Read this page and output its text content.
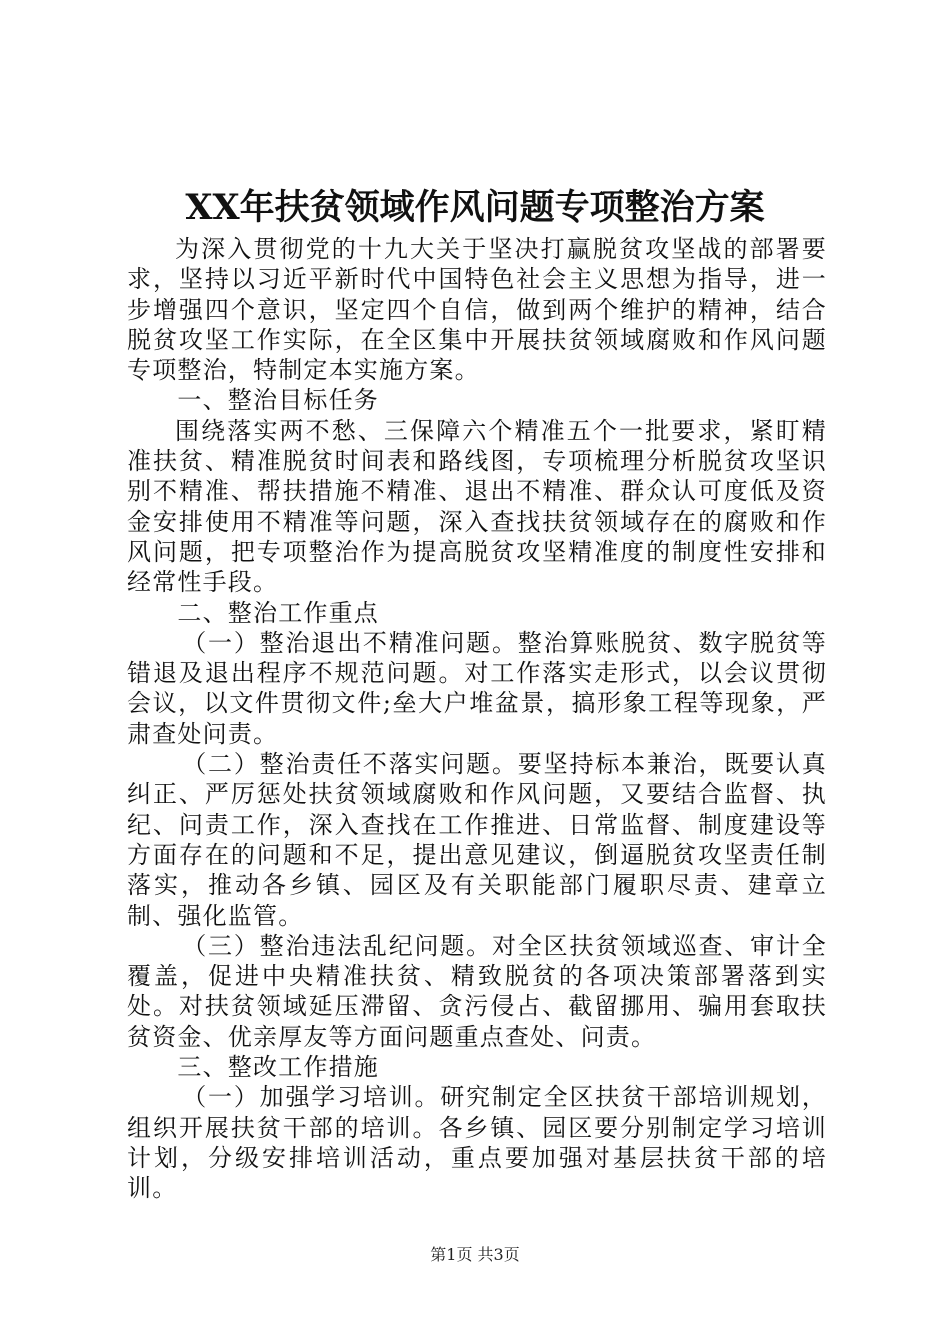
XX年扶贫领域作风问题专项整治方案

为深入贯彻党的十九大关于坚决打赢脱贫攻坚战的部署要求，坚持以习近平新时代中国特色社会主义思想为指导，进一步增强四个意识，坚定四个自信，做到两个维护的精神，结合脱贫攻坚工作实际，在全区集中开展扶贫领域腐败和作风问题专项整治，特制定本实施方案。

一、整治目标任务

围绕落实两不愁、三保障六个精准五个一批要求，紧盯精准扶贫、精准脱贫时间表和路线图，专项梳理分析脱贫攻坚识别不精准、帮扶措施不精准、退出不精准、群众认可度低及资金安排使用不精准等问题，深入查找扶贫领域存在的腐败和作风问题，把专项整治作为提高脱贫攻坚精准度的制度性安排和经常性手段。

二、整治工作重点

（一）整治退出不精准问题。整治算账脱贫、数字脱贫等错退及退出程序不规范问题。对工作落实走形式，以会议贯彻会议，以文件贯彻文件;垒大户堆盆景，搞形象工程等现象，严肃查处问责。

（二）整治责任不落实问题。要坚持标本兼治，既要认真纠正、严厉惩处扶贫领域腐败和作风问题，又要结合监督、执纪、问责工作，深入查找在工作推进、日常监督、制度建设等方面存在的问题和不足，提出意见建议，倒逼脱贫攻坚责任制落实，推动各乡镇、园区及有关职能部门履职尽责、建章立制、强化监管。

（三）整治违法乱纪问题。对全区扶贫领域巡查、审计全覆盖，促进中央精准扶贫、精致脱贫的各项决策部署落到实处。对扶贫领域延压滞留、贪污侵占、截留挪用、骗用套取扶贫资金、优亲厚友等方面问题重点查处、问责。

三、整改工作措施

（一）加强学习培训。研究制定全区扶贫干部培训规划，组织开展扶贫干部的培训。各乡镇、园区要分别制定学习培训计划，分级安排培训活动，重点要加强对基层扶贫干部的培训。

第1页 共3页
